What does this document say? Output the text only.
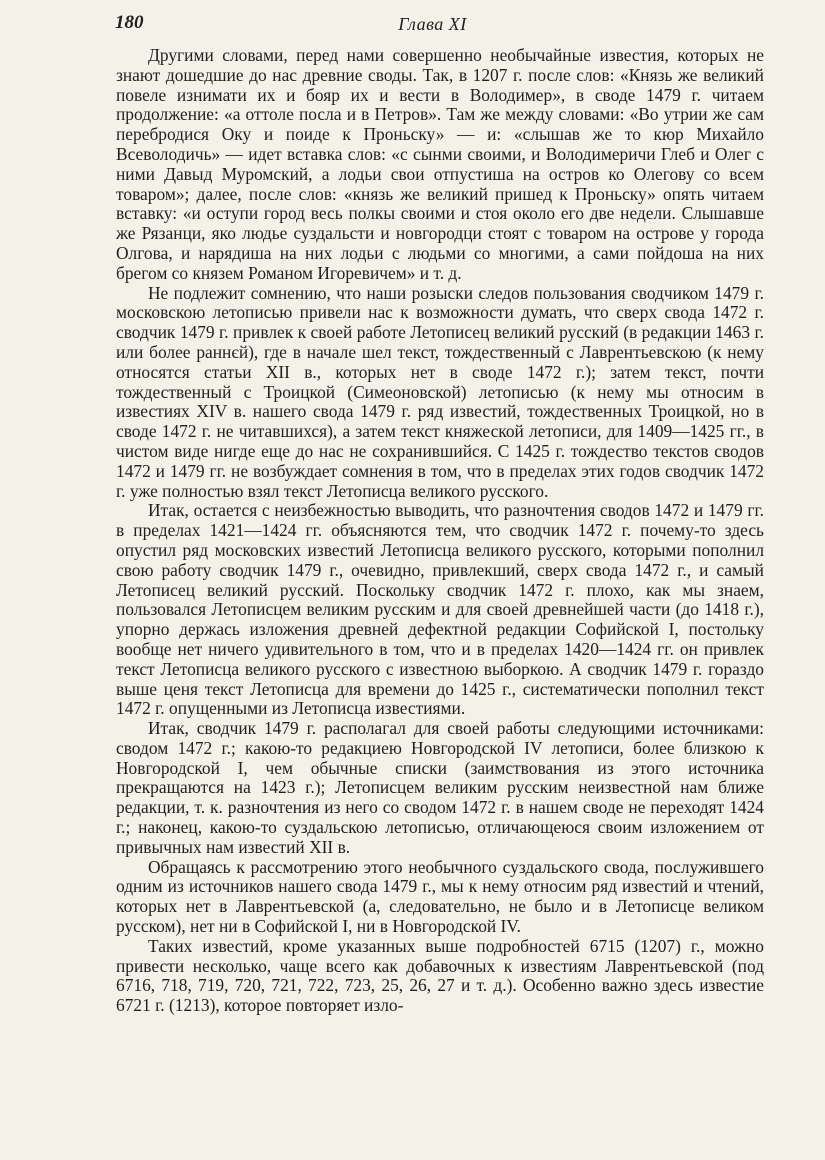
180	Глава XI

Другими словами, перед нами совершенно необычайные известия, которых не знают дошедшие до нас древние своды. Так, в 1207 г. после слов: «Князь же великий повеле изнимати их и бояр их и вести в Володимер», в своде 1479 г. читаем продолжение: «а оттоле посла и в Петров». Там же между словами: «Во утрии же сам перебродися Оку и поиде к Проньску» — и: «слышав же то кюр Михайло Всеволодичь» — идет вставка слов: «с сынми своими, и Володимеричи Глеб и Олег с ними Давыд Муромский, а лодьи свои отпустиша на остров ко Олегову со всем товаром»; далее, после слов: «князь же великий пришед к Проньску» опять читаем вставку: «и оступи город весь полкы своими и стоя около его две недели. Слышавше же Рязанци, яко людье суздальсти и новгородци стоят с товаром на острове у города Олгова, и нарядиша на них лодьи с людьми со многими, а сами пойдоша на них брегом со князем Романом Игоревичем» и т. д.

Не подлежит сомнению, что наши розыски следов пользования сводчиком 1479 г. московскою летописью привели нас к возможности думать, что сверх свода 1472 г. сводчик 1479 г. привлек к своей работе Летописец великий русский (в редакции 1463 г. или более раннєй), где в начале шел текст, тождественный с Лаврентьевскою (к нему относятся статьи XII в., которых нет в своде 1472 г.); затем текст, почти тождественный с Троицкой (Симеоновской) летописью (к нему мы относим в известиях XIV в. нашего свода 1479 г. ряд известий, тождественных Троицкой, но в своде 1472 г. не читавшихся), а затем текст княжеской летописи, для 1409—1425 гг., в чистом виде нигде еще до нас не сохранившийся. С 1425 г. тождество текстов сводов 1472 и 1479 гг. не возбуждает сомнения в том, что в пределах этих годов сводчик 1472 г. уже полностью взял текст Летописца великого русского.

Итак, остается с неизбежностью выводить, что разночтения сводов 1472 и 1479 гг. в пределах 1421—1424 гг. объясняются тем, что сводчик 1472 г. почему-то здесь опустил ряд московских известий Летописца великого русского, которыми пополнил свою работу сводчик 1479 г., очевидно, привлекший, сверх свода 1472 г., и самый Летописец великий русский. Поскольку сводчик 1472 г. плохо, как мы знаем, пользовался Летописцем великим русским и для своей древнейшей части (до 1418 г.), упорно держась изложения древней дефектной редакции Софийской I, постольку вообще нет ничего удивительного в том, что и в пределах 1420—1424 гг. он привлек текст Летописца великого русского с известною выборкою. А сводчик 1479 г. гораздо выше ценя текст Летописца для времени до 1425 г., систематически пополнил текст 1472 г. опущенными из Летописца известиями.

Итак, сводчик 1479 г. располагал для своей работы следующими источниками: сводом 1472 г.; какою-то редакциею Новгородской IV летописи, более близкою к Новгородской I, чем обычные списки (заимствования из этого источника прекращаются на 1423 г.); Летописцем великим русским неизвестной нам ближе редакции, т. к. разночтения из него со сводом 1472 г. в нашем своде не переходят 1424 г.; наконец, какою-то суздальскою летописью, отличающеюся своим изложением от привычных нам известий XII в.

Обращаясь к рассмотрению этого необычного суздальского свода, послужившего одним из источников нашего свода 1479 г., мы к нему относим ряд известий и чтений, которых нет в Лаврентьевской (а, следовательно, не было и в Летописце великом русском), нет ни в Софийской I, ни в Новгородской IV.

Таких известий, кроме указанных выше подробностей 6715 (1207) г., можно привести несколько, чаще всего как добавочных к известиям Лаврентьевской (под 6716, 718, 719, 720, 721, 722, 723, 25, 26, 27 и т. д.). Особенно важно здесь известие 6721 г. (1213), которое повторяет изло-
